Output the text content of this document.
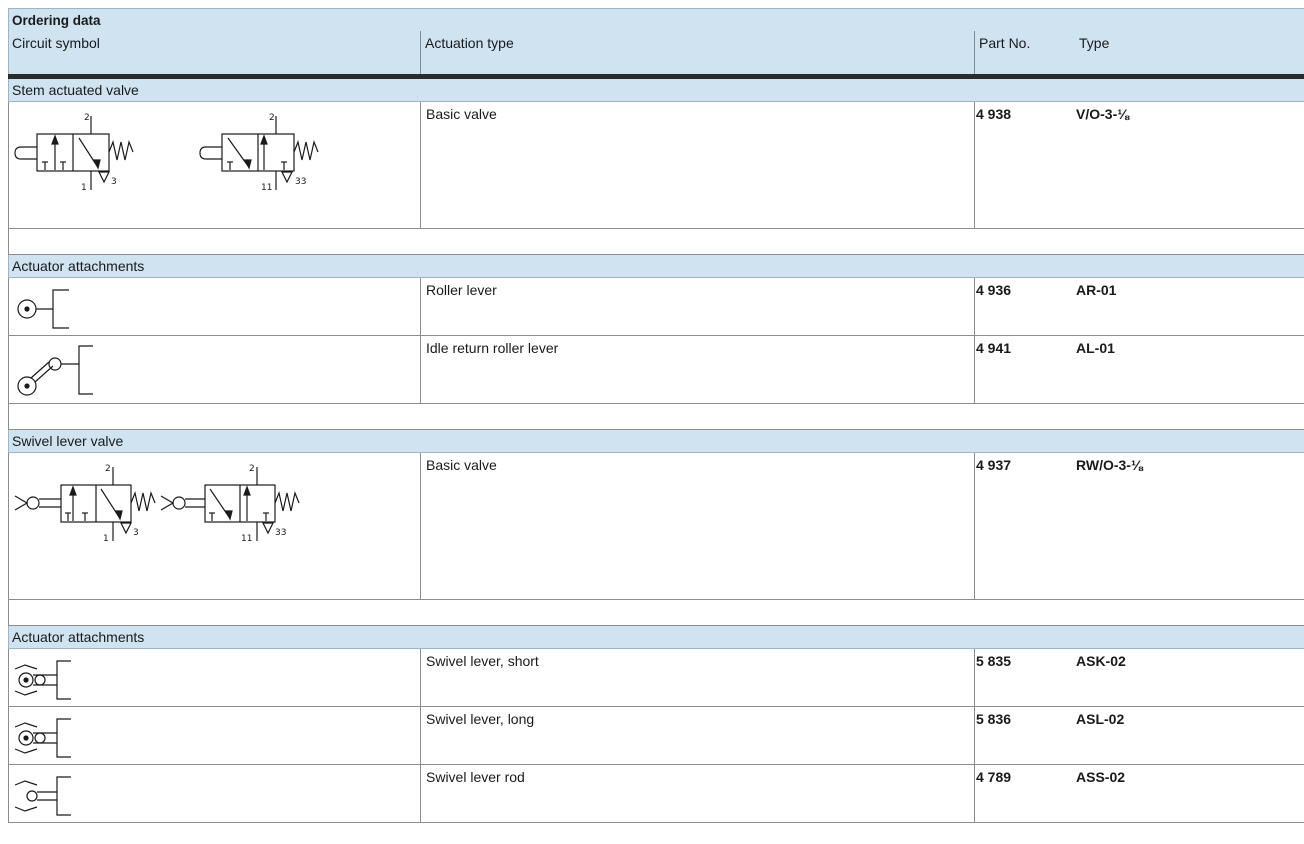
Ordering data
Circuit symbol	Actuation type	Part No.	Type
Stem actuated valve
2
1
3
2
11
33
Basic valve	4 938	V/O-3-⅛
Actuator attachments
Roller lever	4 936	AR-01
Idle return roller lever	4 941	AL-01
Swivel lever valve
2
1
3
2
11
33
Basic valve	4 937	RW/O-3-⅛
Actuator attachments
Swivel lever, short	5 835	ASK-02
Swivel lever, long	5 836	ASL-02
Swivel lever rod	4 789	ASS-02
